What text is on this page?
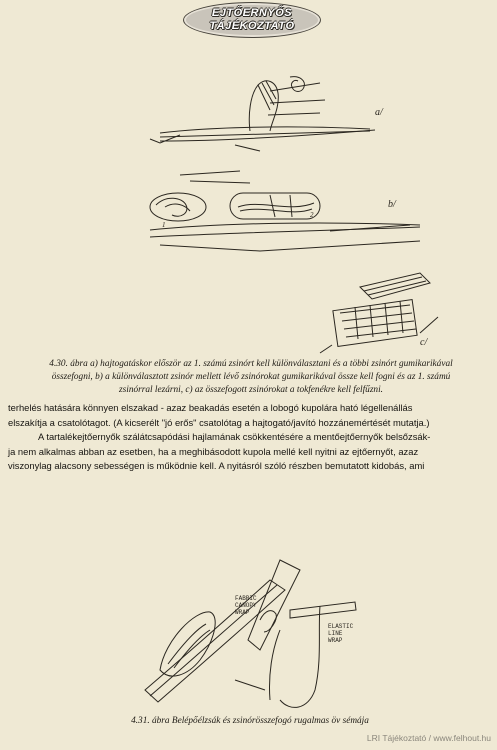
EJTŐERNYŐS
TÁJÉKOZTATÓ
a/
b/
c/
1
2
4.30. ábra a) hajtogatáskor először az 1. számú zsinórt kell különválasztani és a többi zsinórt gumikarikával
összefogni, b) a különválasztott zsinór mellett lévő zsinórokat gumikarikával össze kell fogni és az 1. számú
zsinórral lezárni, c) az összefogott zsinórokat a tokfenékre kell felfűzni.
terhelés hatására könnyen elszakad - azaz beakadás esetén a lobogó kupolára ható légellenállás
elszakítja a csatolótagot. (A kicserélt "jó erős" csatolótag a hajtogató/javító hozzánemértését mutatja.)
A tartalékejtőernyők szálátcsapódási hajlamának csökkentésére a mentőejtőernyők belsőzsák-
ja nem alkalmas abban az esetben, ha a meghibásodott kupola mellé kell nyitni az ejtőernyőt, azaz
viszonylag alacsony sebességen is működnie kell. A nyitásról szóló részben bemutatott kidobás, ami
FABRIC CANOPY WRAP
ELASTIC LINE WRAP
4.31. ábra Belépőélzsák és zsinórösszefogó rugalmas öv sémája
LRI Tájékoztató / www.felhout.hu
